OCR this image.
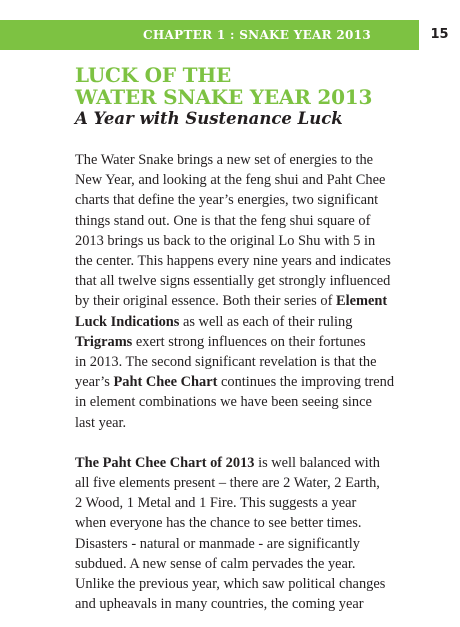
CHAPTER 1 : SNAKE YEAR 2013	15
LUCK OF THE
WATER SNAKE YEAR 2013
A Year with Sustenance Luck

The Water Snake brings a new set of energies to the
New Year, and looking at the feng shui and Paht Chee
charts that define the year’s energies, two significant
things stand out. One is that the feng shui square of
2013 brings us back to the original Lo Shu with 5 in
the center. This happens every nine years and indicates
that all twelve signs essentially get strongly influenced
by their original essence. Both their series of Element
Luck Indications as well as each of their ruling
Trigrams exert strong influences on their fortunes
in 2013. The second significant revelation is that the
year’s Paht Chee Chart continues the improving trend
in element combinations we have been seeing since
last year.

The Paht Chee Chart of 2013 is well balanced with
all five elements present – there are 2 Water, 2 Earth,
2 Wood, 1 Metal and 1 Fire. This suggests a year
when everyone has the chance to see better times.
Disasters - natural or manmade - are significantly
subdued. A new sense of calm pervades the year.
Unlike the previous year, which saw political changes
and upheavals in many countries, the coming year
